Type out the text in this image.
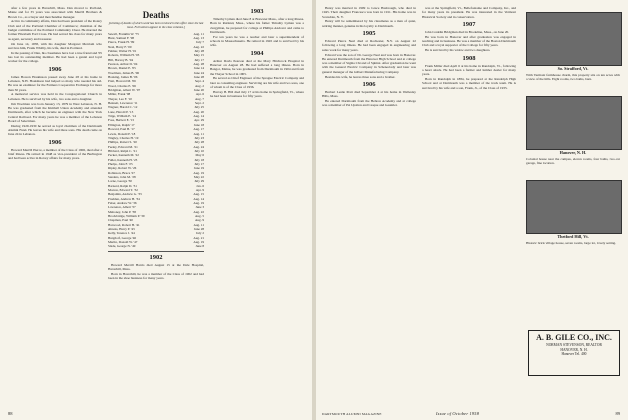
after a few years in Haverhill, Mass. Dan moved to Portland, Maine and for 35 years was associated with Merrill Brothers & Brown Co., as a buyer and merchandise manager.

Active in community affairs, Dan had been president of the Rotary Club and of the Portland Chamber of Commerce; chairman of the budget committee of the Portland Community Chest. He married the former Elizabeth Earl Cross. He had served his class for many years as agent, secretary and treasurer.

On June 14, 1958, with his daughter Margaret Merriam who survives him, Frank Whitby, his wife, died in Portland.

In the passing of Dan, his classmates have lost a true friend and '05 has lost its outstanding member. He had been a genial and loyal worker for the college.

1906

James Bowen Hoskinson passed away June 28 at his home in Lebanon, N.H. Hoskinson had helped so many who needed his aid. He was an examiner for the Farmers Cooperative Exchange for more than 30 years.

A memorial service was held in the Congregational Church in Lebanon. He is survived by his wife, two sons and a daughter.

Jim Woolman was born January 13, 1879 in West Lebanon, N. H. He was graduated from the Kimball Union Academy and attended Dartmouth, after which he became an engineer with the New York Central Railroad. For many years he was a member of the Lebanon Board of Selectmen.

During 1929-1930 he served as loyal chairman of the Dartmouth Alumni Fund. He leaves his wife and three sons. His death came on June 24 in Lebanon.

1906

Howard Merrill Pierce, a member of the Class of 1906, died after a brief illness. He retired in 1948 as vice-president of the Burlington and had been active in Rotary affairs for many years.

Deaths
[A listing of deaths of which word has been received in this office since the last issue. Full notices appear in the class columns.]
Sewall, Franklin W. '75	Aug. 11
Hunt, Samuel F. '98	Aug. 13
Pierce, Frank H. '99	July 7
Neal, Harry F. '00	Aug. 22
Palmer, Walter H. '01	July 28
Roberts, William H. '03	May 15
Hill, Harvey B. '04	July 17
Pearson, Arthur D. '04	Aug. 28
Brown, Daniel E. '05	June 14
Woolman, James B. '06	June 24
Hosking, James B. '06	June 28
Pratt, Howard M. '06	Sept. 4
Wood, Charles E. '06	Aug. 2
Bridgman, Albert W. '07	June 20
Miller, Frank '08	Apr. 6
Thayer, Leo F. '10	Aug. 7
Bennett, Lawrence '11	Sept. 2
Wagner, Harold C. '12	July 25
Lane, Harold P. '13	Aug. 20
Tripp, William E. '14	Aug. 14
Foss, Herbert E. '15	Apr. 29
Ellington, Ralph '17	June 18
Howard, Paul B. '17	Aug. 17
Lewis, Donald P. '18	Aug. 11
Tingley, Charles H. '19	July 23
Phillips, Robert S. '20	July 28
Feeley, Edward M. '21	Aug. 24
Hibbard, Ralph C. '21	July 10
Pecker, Kenneth M. '22	May 6
Fuller, Kenneth H. '23	July 18
Phelps, John F. '25	July 17
Ripley, Robert W. '26	June 19
Robinson, Bruce '27	Aug. 19
Sanders, John M. '28	May 22
Lorne, George '30	July 29
Barnard, Ralph D. '31	Jan. 6
Morton, Edward T. '32	Apr. 9
Benjamin, Andrew G. '33	Aug. 15
Prudden, Andrew H. '34	Aug. 14
Faber, Andrew W. '36	Aug. 19
Lawrence, Albert '37	June 3
Mahoney, John P. '38	Aug. 22
Brockbridge, William P. '39	Aug. 5
Chapman, Paul '40	Aug. 9
Harwood, Robert H. '41	Aug. 11
Ahrens, Harry P. '43	June 28
Kelly, Terence J. '44	July 2
Burgdorf, George '46	Aug. 21
Martin, Donald W. '47	Aug. 19
Slade, George N. '49	June 8
1902

Howard Merrill Harris died August 15 at the Dale Hospital, Haverhill, Mass.

Born in Haverhill, he was a member of the Class of 1902 and had been in the shoe business for many years.

1903

Timothy Lyman died June 8 at Brewster Mass., after a long illness. Born in Rutland, Mass., where his father Timothy Lyman was a clergyman, he prepared for college at Phillips Andover and came to Dartmouth.

For ten years he was a teacher and later a superintendent of schools in Massachusetts. He retired in 1945 and is survived by his wife.

1904

Arthur Davis Pearson died at the Mary Hitchcock Hospital in Hanover on August 28. He had suffered a long illness. Born in Bangor, Maine, he was graduated from Dartmouth in 1904 and from the Thayer School in 1905.

He served as Chief Engineer of the Sprague Electric Company and later as consulting engineer. Surviving are his wife and two sons, one of whom is of the Class of 1936.

Harvey B. Hill died July 17 at his home in Springfield, Vt., where he had been in business for fifty years.

88

Henry was married in 1909 to Grace Hasbrough, who died in 1945. Their daughter Francesca was born in 1911. His home was in Scarsdale, N. Y.

Henry will be remembered by his classmates as a man of quiet, retiring manner, genuine in his loyalty to Dartmouth.

1905

Edward Pierce Neal died at Rochester, N.Y. on August 22 following a long illness. He had been engaged in engineering and sales work for many years.

Edward was the son of Dr. George Neal and was born in Hanover. He entered Dartmouth from the Hanover High School and at college was a member of Sigma Chi and of Sphinx. After graduation he went with the General Electric Company in Schenectady and later was general manager of the Gilbert Manufacturing Company.

Besides his wife, he leaves three sons and a brother.

1906

Herbert Leslie Pratt died September 4 at his home in Wellesley Hills, Mass.

He entered Dartmouth from the Hebron Academy and at college was a member of Psi Upsilon and Casque and Gauntlet.

was at the Springfield, Vt., Bellefontaine and Company, Inc., and for many years its president. He was interested in the Vermont Historical Society and in conservation.

1907

John Conklin Bridgman died in Brookline, Mass., on June 20.

He was born in Hanover and after graduation was engaged in teaching and in business. He was a member of the Boston Dartmouth Club and a loyal supporter of the College for fifty years.

He is survived by his widow and two daughters.

1908

Frank Miller died April 6 at his home in Randolph, Vt., following a heart attack. He had been a farmer and lumber dealer for many years.

Born in Randolph in 1884, he prepared at the Randolph High School and at Dartmouth was a member of the track team. He is survived by his wife and a son, Frank, Jr., of the Class of 1935.

So. Strafford, Vt.
With Vermont farmhouse charm, this property sits on ten acres with a view of the hills. Eight rooms, two baths, barn.
Hanover, N. H.
Colonial house near the campus, eleven rooms, four baths, two-car garage, fine location.
Thetford Hill, Vt.
Historic brick village house, seven rooms, large lot, lovely setting.
A. B. GILE CO., INC.
NORMAN STEVENSON, REALTOR
HANOVER, N. H.
Hanover Tel. 400
DARTMOUTH ALUMNI MAGAZINE	Issue of October 1958	89
